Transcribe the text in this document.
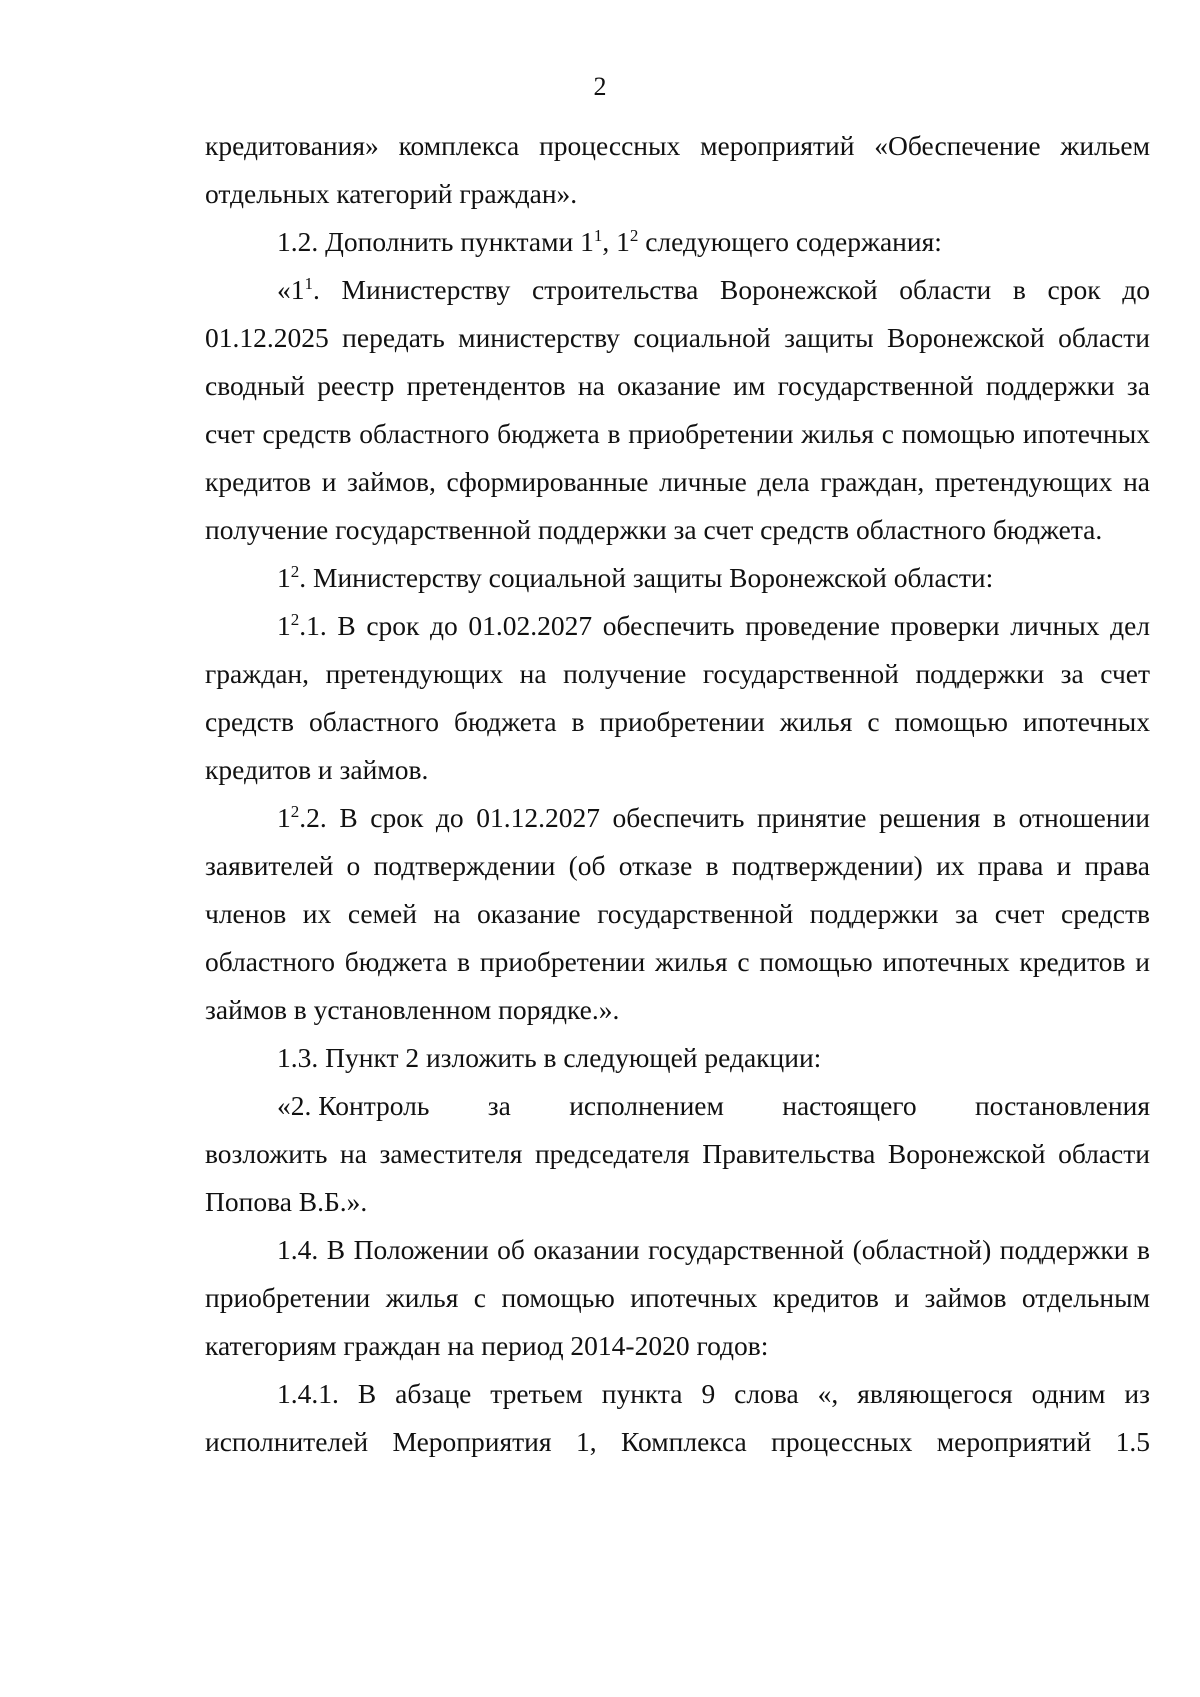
2

кредитования» комплекса процессных мероприятий «Обеспечение жильем отдельных категорий граждан».

1.2. Дополнить пунктами $1^1$, $1^2$ следующего содержания:

«$1^1$. Министерству строительства Воронежской области в срок до 01.12.2025 передать министерству социальной защиты Воронежской области сводный реестр претендентов на оказание им государственной поддержки за счет средств областного бюджета в приобретении жилья с помощью ипотечных кредитов и займов, сформированные личные дела граждан, претендующих на получение государственной поддержки за счет средств областного бюджета.

$1^2$. Министерству социальной защиты Воронежской области:

$1^2.1$. В срок до 01.02.2027 обеспечить проведение проверки личных дел граждан, претендующих на получение государственной поддержки за счет средств областного бюджета в приобретении жилья с помощью ипотечных кредитов и займов.

$1^2.2$. В срок до 01.12.2027 обеспечить принятие решения в отношении заявителей о подтверждении (об отказе в подтверждении) их права и права членов их семей на оказание государственной поддержки за счет средств областного бюджета в приобретении жилья с помощью ипотечных кредитов и займов в установленном порядке.».

1.3. Пункт 2 изложить в следующей редакции:

«2. Контроль за исполнением настоящего постановления

возложить на заместителя председателя Правительства Воронежской области Попова В.Б.».

1.4. В Положении об оказании государственной (областной) поддержки в приобретении жилья с помощью ипотечных кредитов и займов отдельным категориям граждан на период 2014-2020 годов:

1.4.1. В абзаце третьем пункта 9 слова «, являющегося одним из исполнителей Мероприятия 1, Комплекса процессных мероприятий 1.5
